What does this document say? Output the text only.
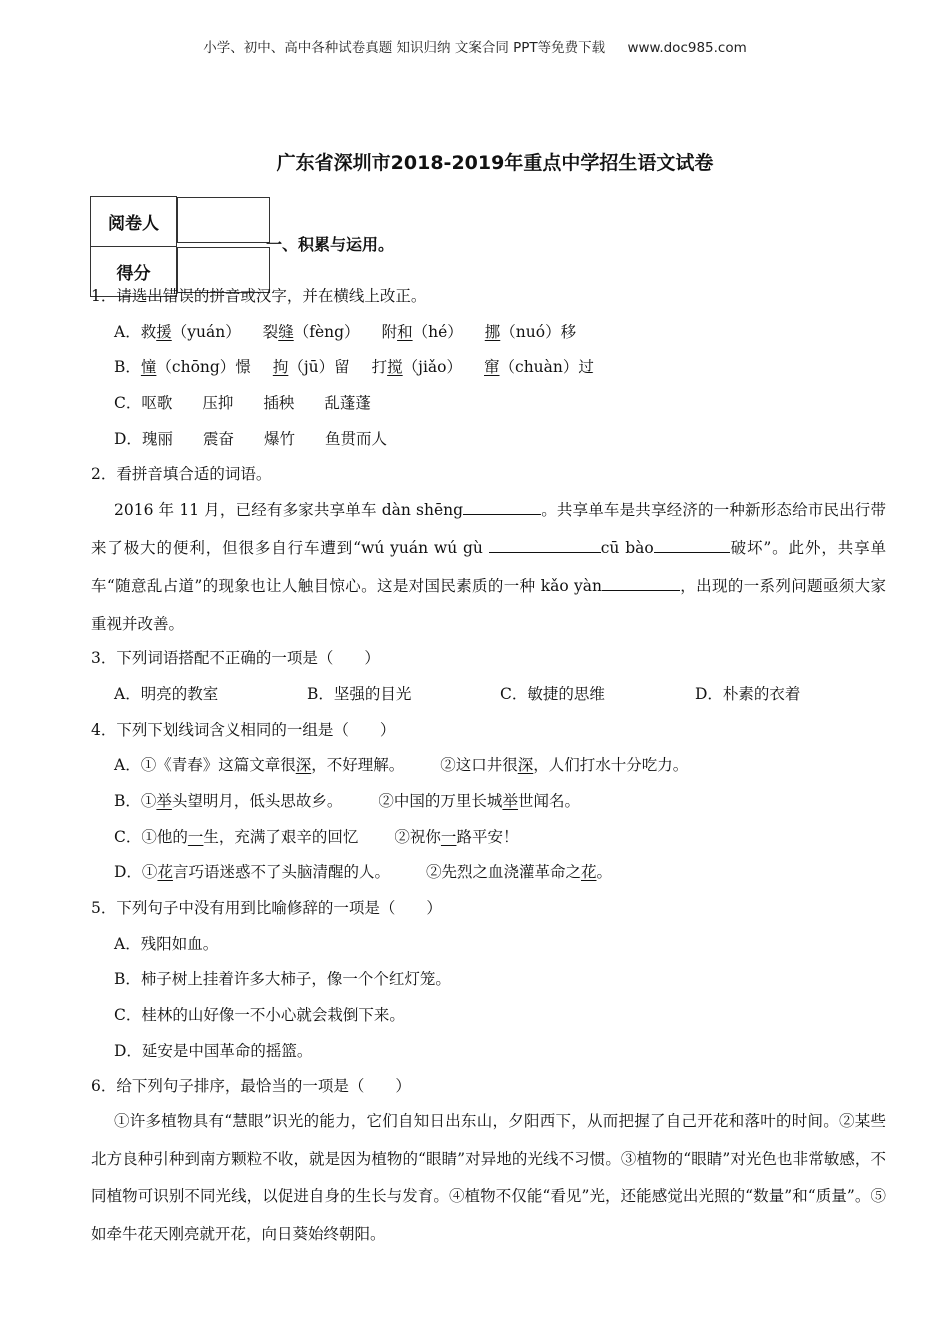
小学、初中、高中各种试卷真题 知识归纳 文案合同 PPT等免费下载 www.doc985.com
广东省深圳市2018-2019年重点中学招生语文试卷
阅卷人	
得分	
一、积累与运用。
1．请选出错误的拼音或汉字，并在横线上改正。
A．救援（yuán） 裂缝（fèng） 附和（hé） 挪（nuó）移
B．憧（chōng）憬 拘（jū）留 打搅（jiǎo） 窜（chuàn）过
C．呕歌 压抑 插秧 乱蓬蓬
D．瑰丽 震奋 爆竹 鱼贯而人
2．看拼音填合适的词语。
2016 年 11 月，已经有多家共享单车 dàn shēng	。共享单车是共享经济的一种新形态给市民出行带来了极大的便利，但很多自行车遭到“wú yuán wú gù	cū bào	破坏”。此外，共享单车“随意乱占道”的现象也让人触目惊心。这是对国民素质的一种 kǎo yàn	，出现的一系列问题亟须大家重视并改善。
3．下列词语搭配不正确的一项是（　　）
A．明亮的教室	B．坚强的目光	C．敏捷的思维	D．朴素的衣着
4．下列下划线词含义相同的一组是（　　）
A．①《青春》这篇文章很深，不好理解。 ②这口井很深，人们打水十分吃力。
B．①举头望明月，低头思故乡。 ②中国的万里长城举世闻名。
C．①他的一生，充满了艰辛的回忆 ②祝你一路平安！
D．①花言巧语迷惑不了头脑清醒的人。 ②先烈之血浇灌革命之花。
5．下列句子中没有用到比喻修辞的一项是（　　）
A．残阳如血。
B．柿子树上挂着许多大柿子，像一个个红灯笼。
C．桂林的山好像一不小心就会栽倒下来。
D．延安是中国革命的摇篮。
6．给下列句子排序，最恰当的一项是（　　）
①许多植物具有“慧眼”识光的能力，它们自知日出东山，夕阳西下，从而把握了自己开花和落叶的时间。②某些北方良种引种到南方颗粒不收，就是因为植物的“眼睛”对异地的光线不习惯。③植物的“眼睛”对光色也非常敏感，不同植物可识别不同光线，以促进自身的生长与发育。④植物不仅能“看见”光，还能感觉出光照的“数量”和“质量”。⑤如牵牛花天刚亮就开花，向日葵始终朝阳。
